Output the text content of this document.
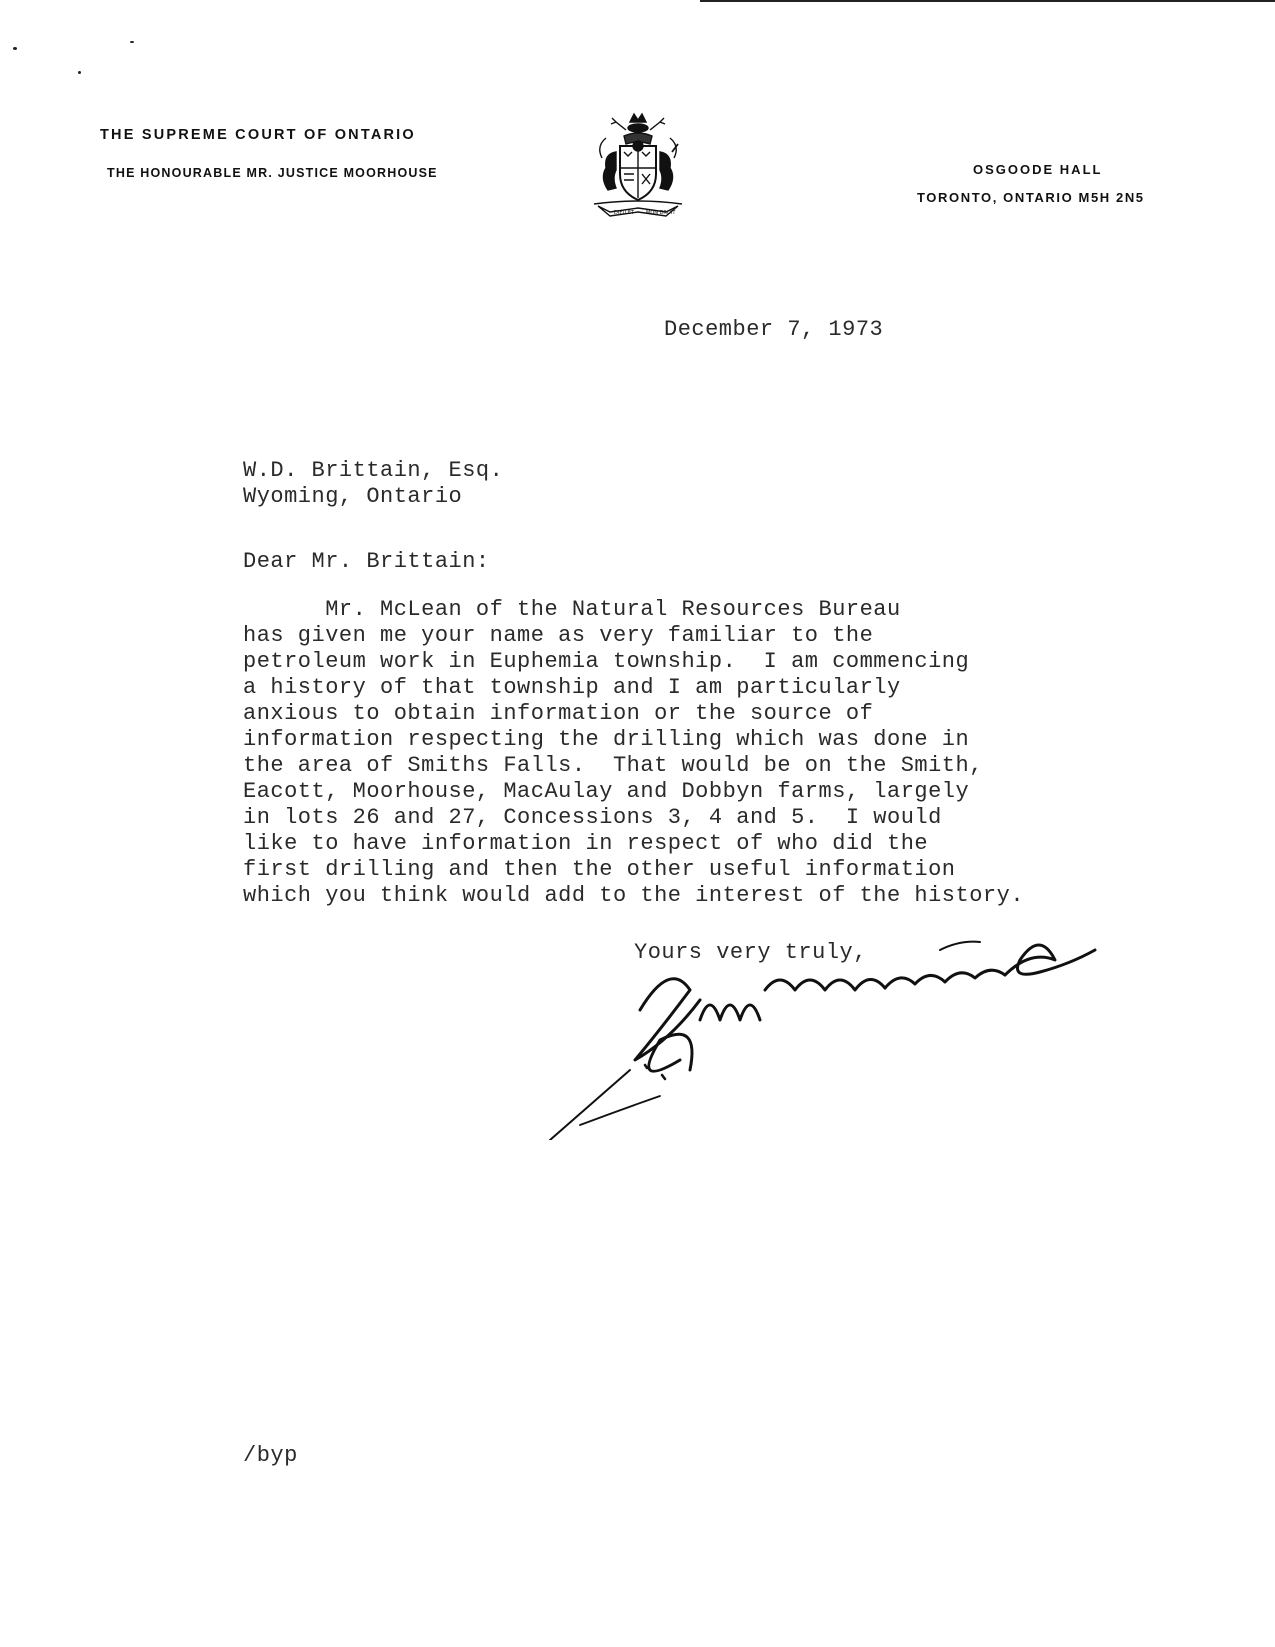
THE SUPREME COURT OF ONTARIO
THE HONOURABLE MR. JUSTICE MOORHOUSE	OSGOODE HALL
TORONTO, ONTARIO M5H 2N5
DIEU ET MON DROIT
December 7, 1973
W.D. Brittain, Esq.
Wyoming, Ontario
Dear Mr. Brittain:
Mr. McLean of the Natural Resources Bureau
has given me your name as very familiar to the
petroleum work in Euphemia township.  I am commencing
a history of that township and I am particularly
anxious to obtain information or the source of
information respecting the drilling which was done in
the area of Smiths Falls.  That would be on the Smith,
Eacott, Moorhouse, MacAulay and Dobbyn farms, largely
in lots 26 and 27, Concessions 3, 4 and 5.  I would
like to have information in respect of who did the
first drilling and then the other useful information
which you think would add to the interest of the history.
Yours very truly,
/byp
